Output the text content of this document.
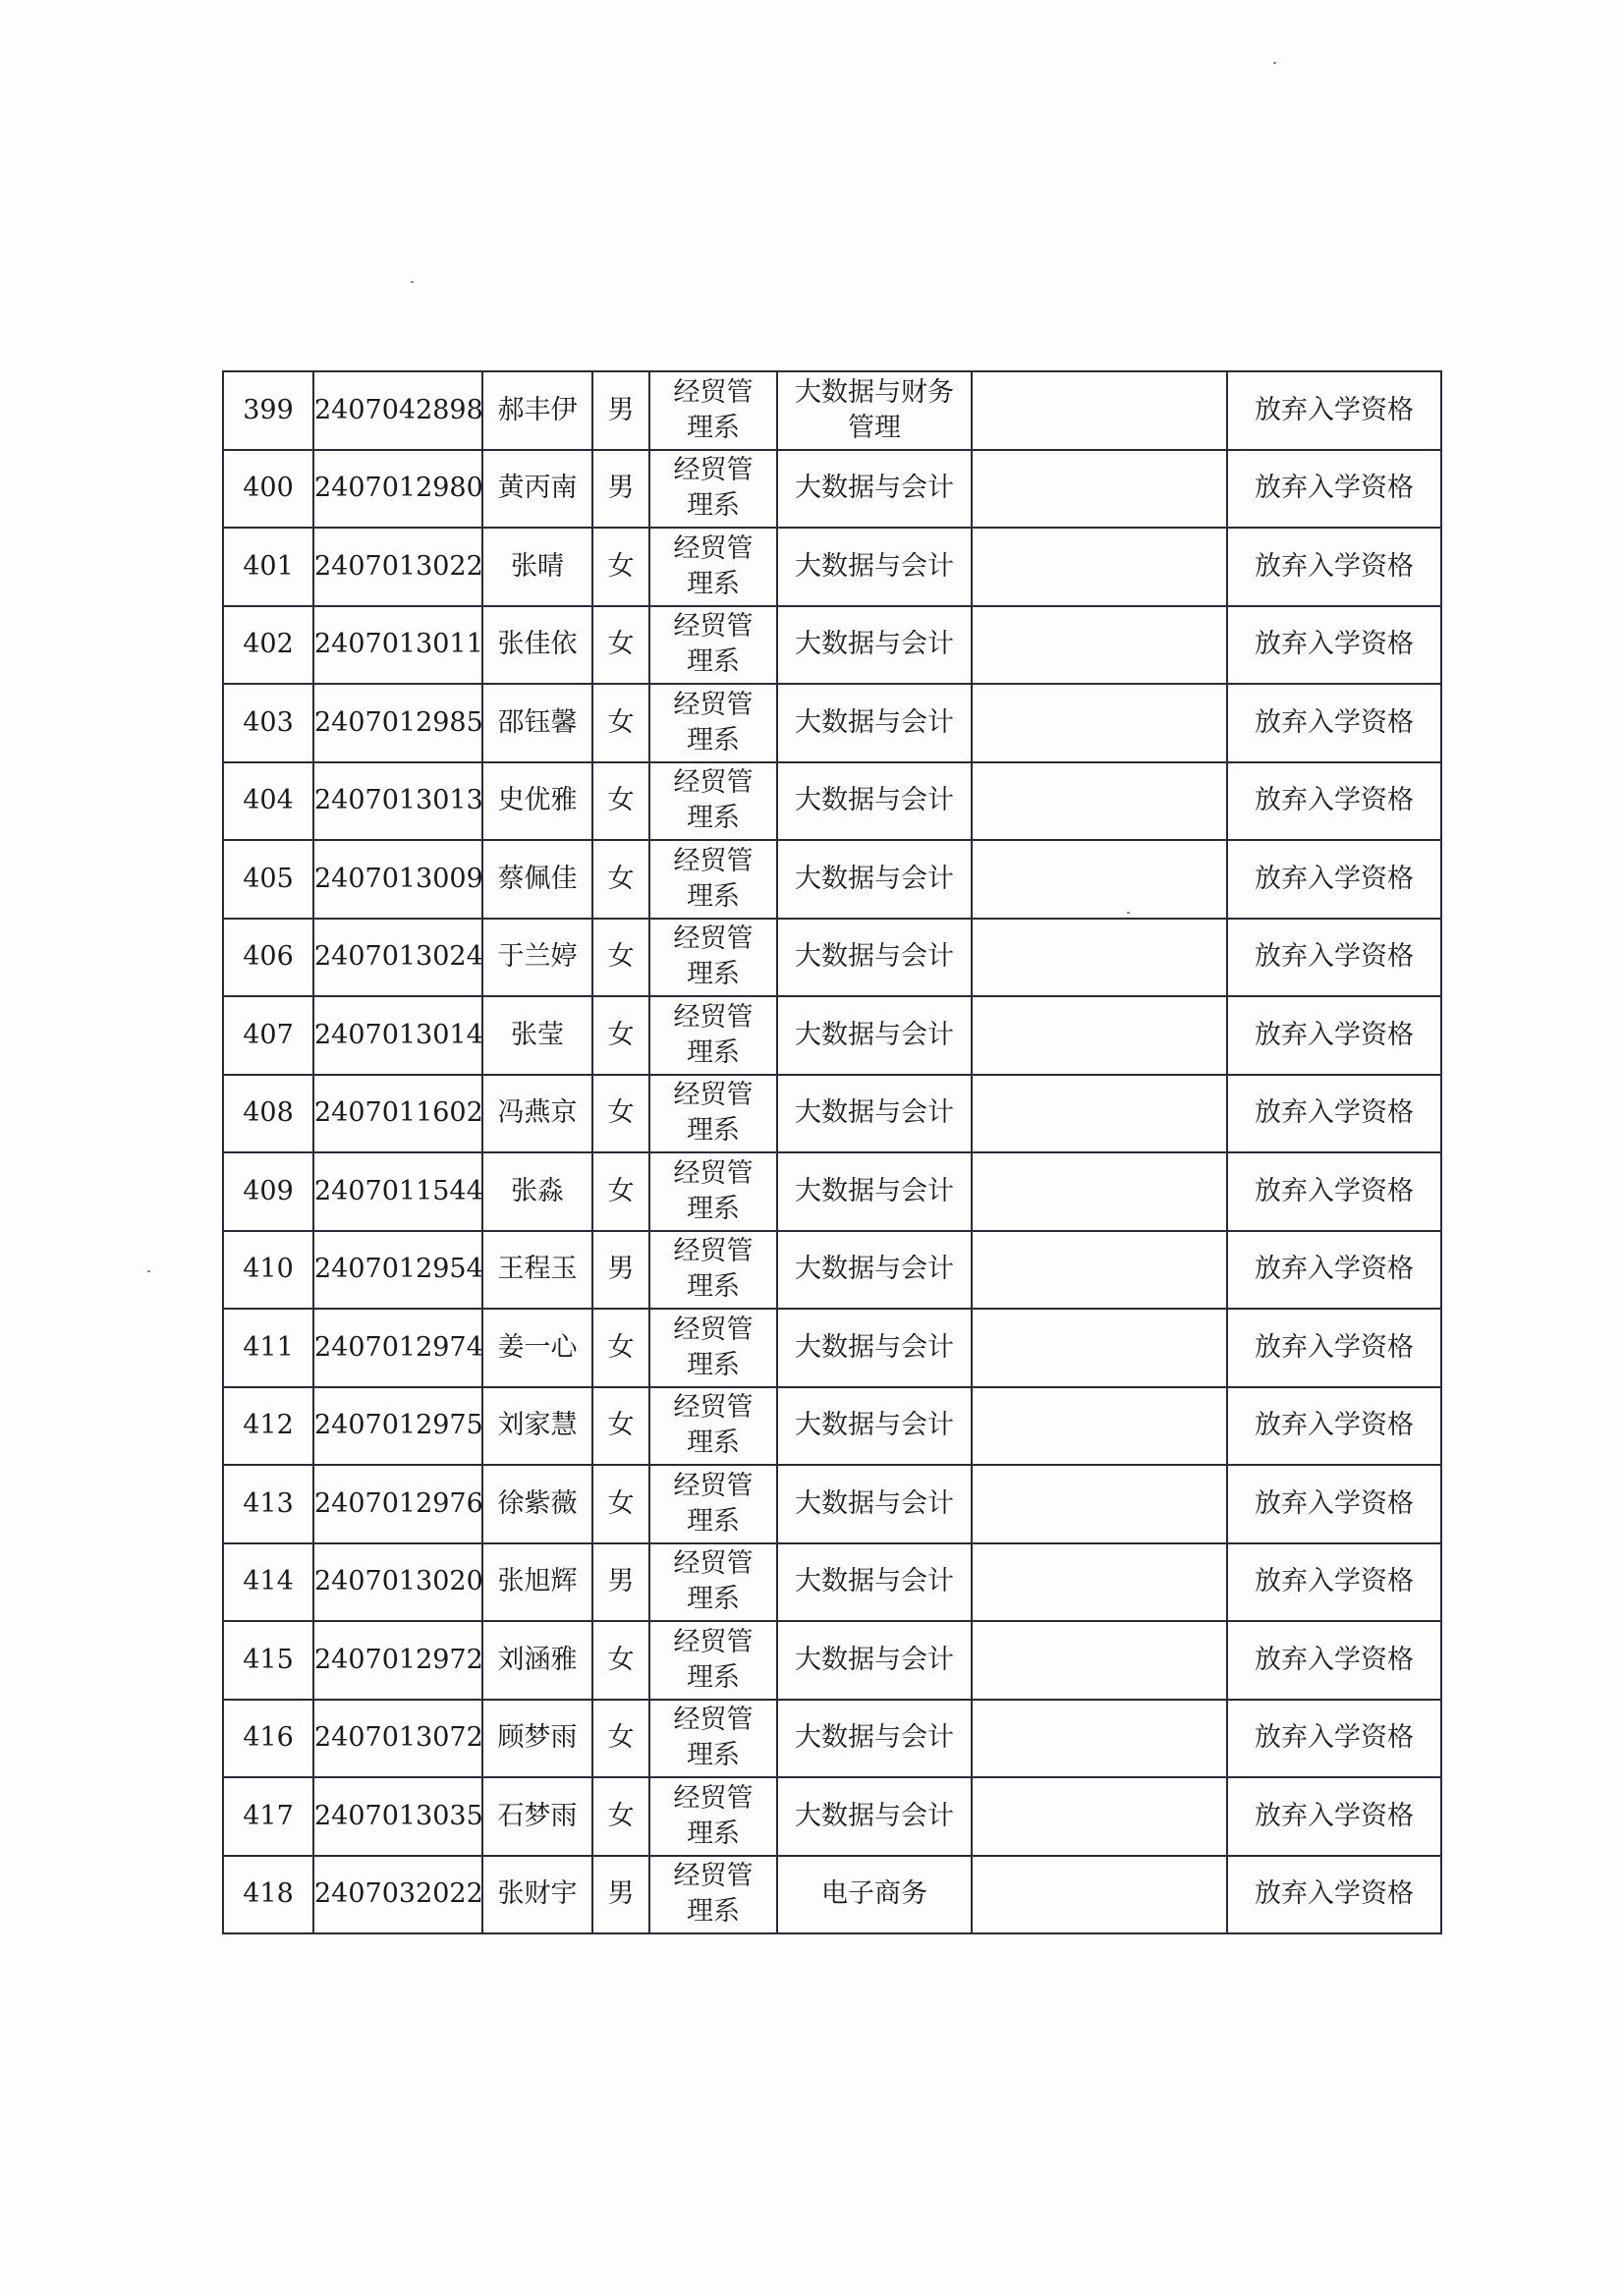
399	2407042898	郝丰伊	男	经贸管
理系	大数据与财务
管理		放弃入学资格
400	2407012980	黄丙南	男	经贸管
理系	大数据与会计		放弃入学资格
401	2407013022	张晴	女	经贸管
理系	大数据与会计		放弃入学资格
402	2407013011	张佳依	女	经贸管
理系	大数据与会计		放弃入学资格
403	2407012985	邵钰馨	女	经贸管
理系	大数据与会计		放弃入学资格
404	2407013013	史优雅	女	经贸管
理系	大数据与会计		放弃入学资格
405	2407013009	蔡佩佳	女	经贸管
理系	大数据与会计		放弃入学资格
406	2407013024	于兰婷	女	经贸管
理系	大数据与会计		放弃入学资格
407	2407013014	张莹	女	经贸管
理系	大数据与会计		放弃入学资格
408	2407011602	冯燕京	女	经贸管
理系	大数据与会计		放弃入学资格
409	2407011544	张淼	女	经贸管
理系	大数据与会计		放弃入学资格
410	2407012954	王程玉	男	经贸管
理系	大数据与会计		放弃入学资格
411	2407012974	姜一心	女	经贸管
理系	大数据与会计		放弃入学资格
412	2407012975	刘家慧	女	经贸管
理系	大数据与会计		放弃入学资格
413	2407012976	徐紫薇	女	经贸管
理系	大数据与会计		放弃入学资格
414	2407013020	张旭辉	男	经贸管
理系	大数据与会计		放弃入学资格
415	2407012972	刘涵雅	女	经贸管
理系	大数据与会计		放弃入学资格
416	2407013072	顾梦雨	女	经贸管
理系	大数据与会计		放弃入学资格
417	2407013035	石梦雨	女	经贸管
理系	大数据与会计		放弃入学资格
418	2407032022	张财宇	男	经贸管
理系	电子商务		放弃入学资格
